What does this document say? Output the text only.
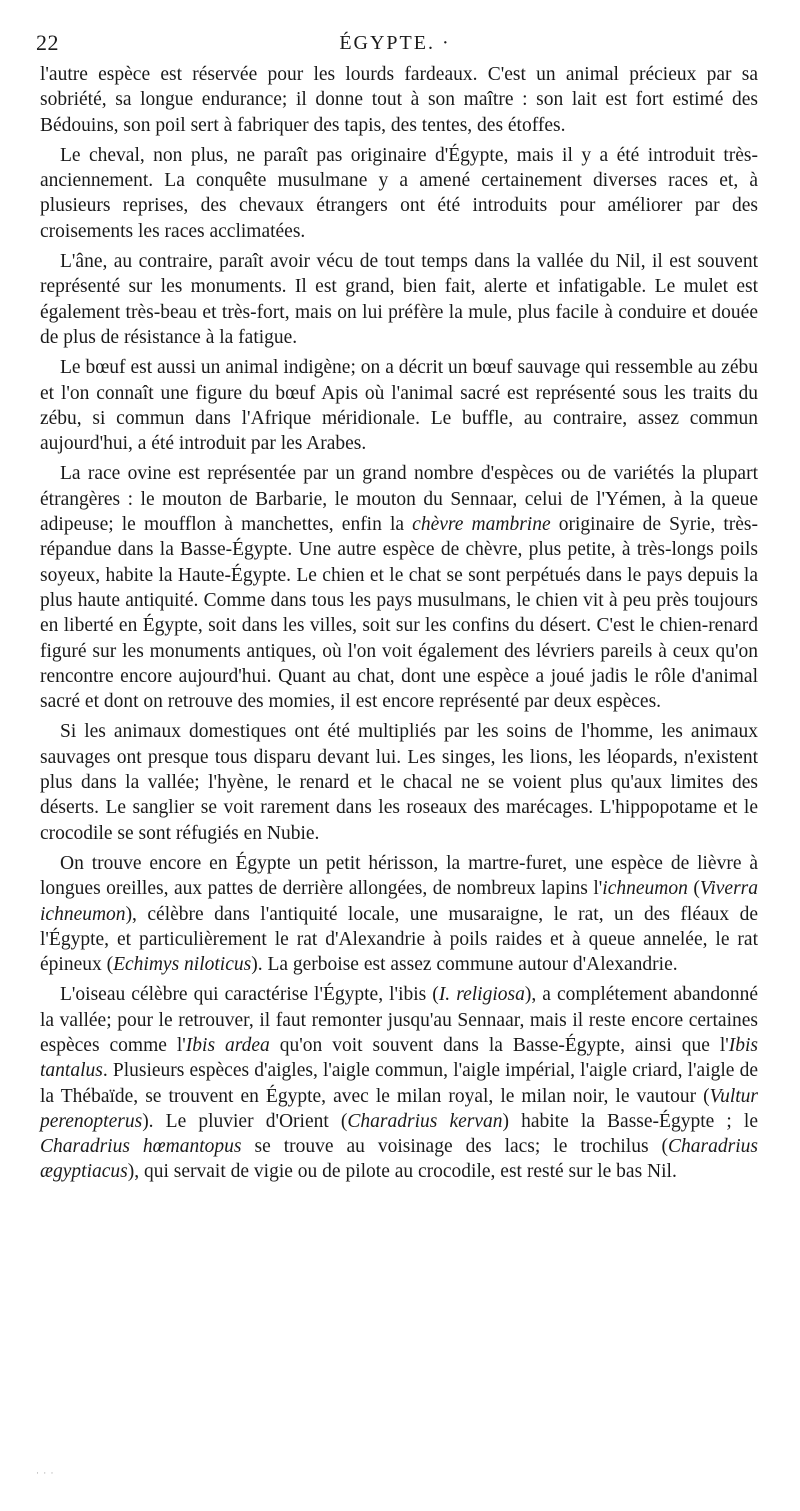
22	ÉGYPTE. ·

l'autre espèce est réservée pour les lourds fardeaux. C'est un animal précieux par sa sobriété, sa longue endurance; il donne tout à son maître : son lait est fort estimé des Bédouins, son poil sert à fabriquer des tapis, des tentes, des étoffes.

Le cheval, non plus, ne paraît pas originaire d'Égypte, mais il y a été introduit très-anciennement. La conquête musulmane y a amené certainement diverses races et, à plusieurs reprises, des chevaux étrangers ont été introduits pour améliorer par des croisements les races acclimatées.

L'âne, au contraire, paraît avoir vécu de tout temps dans la vallée du Nil, il est souvent représenté sur les monuments. Il est grand, bien fait, alerte et infatigable. Le mulet est également très-beau et très-fort, mais on lui préfère la mule, plus facile à conduire et douée de plus de résistance à la fatigue.

Le bœuf est aussi un animal indigène; on a décrit un bœuf sauvage qui ressemble au zébu et l'on connaît une figure du bœuf Apis où l'animal sacré est représenté sous les traits du zébu, si commun dans l'Afrique méridionale. Le buffle, au contraire, assez commun aujourd'hui, a été introduit par les Arabes.

La race ovine est représentée par un grand nombre d'espèces ou de variétés la plupart étrangères : le mouton de Barbarie, le mouton du Sennaar, celui de l'Yémen, à la queue adipeuse; le moufflon à manchettes, enfin la chèvre mambrine originaire de Syrie, très-répandue dans la Basse-Égypte. Une autre espèce de chèvre, plus petite, à très-longs poils soyeux, habite la Haute-Égypte. Le chien et le chat se sont perpétués dans le pays depuis la plus haute antiquité. Comme dans tous les pays musulmans, le chien vit à peu près toujours en liberté en Égypte, soit dans les villes, soit sur les confins du désert. C'est le chien-renard figuré sur les monuments antiques, où l'on voit également des lévriers pareils à ceux qu'on rencontre encore aujourd'hui. Quant au chat, dont une espèce a joué jadis le rôle d'animal sacré et dont on retrouve des momies, il est encore représenté par deux espèces.

Si les animaux domestiques ont été multipliés par les soins de l'homme, les animaux sauvages ont presque tous disparu devant lui. Les singes, les lions, les léopards, n'existent plus dans la vallée; l'hyène, le renard et le chacal ne se voient plus qu'aux limites des déserts. Le sanglier se voit rarement dans les roseaux des marécages. L'hippopotame et le crocodile se sont réfugiés en Nubie.

On trouve encore en Égypte un petit hérisson, la martre-furet, une espèce de lièvre à longues oreilles, aux pattes de derrière allongées, de nombreux lapins l'ichneumon (Viverra ichneumon), célèbre dans l'antiquité locale, une musaraigne, le rat, un des fléaux de l'Égypte, et particulièrement le rat d'Alexandrie à poils raides et à queue annelée, le rat épineux (Echimys niloticus). La gerboise est assez commune autour d'Alexandrie.

L'oiseau célèbre qui caractérise l'Égypte, l'ibis (I. religiosa), a complétement abandonné la vallée; pour le retrouver, il faut remonter jusqu'au Sennaar, mais il reste encore certaines espèces comme l'Ibis ardea qu'on voit souvent dans la Basse-Égypte, ainsi que l'Ibis tantalus. Plusieurs espèces d'aigles, l'aigle commun, l'aigle impérial, l'aigle criard, l'aigle de la Thébaïde, se trouvent en Égypte, avec le milan royal, le milan noir, le vautour (Vultur perenopterus). Le pluvier d'Orient (Charadrius kervan) habite la Basse-Égypte ; le Charadrius hœmantopus se trouve au voisinage des lacs; le trochilus (Charadrius ægyptiacus), qui servait de vigie ou de pilote au crocodile, est resté sur le bas Nil.

· · ·
